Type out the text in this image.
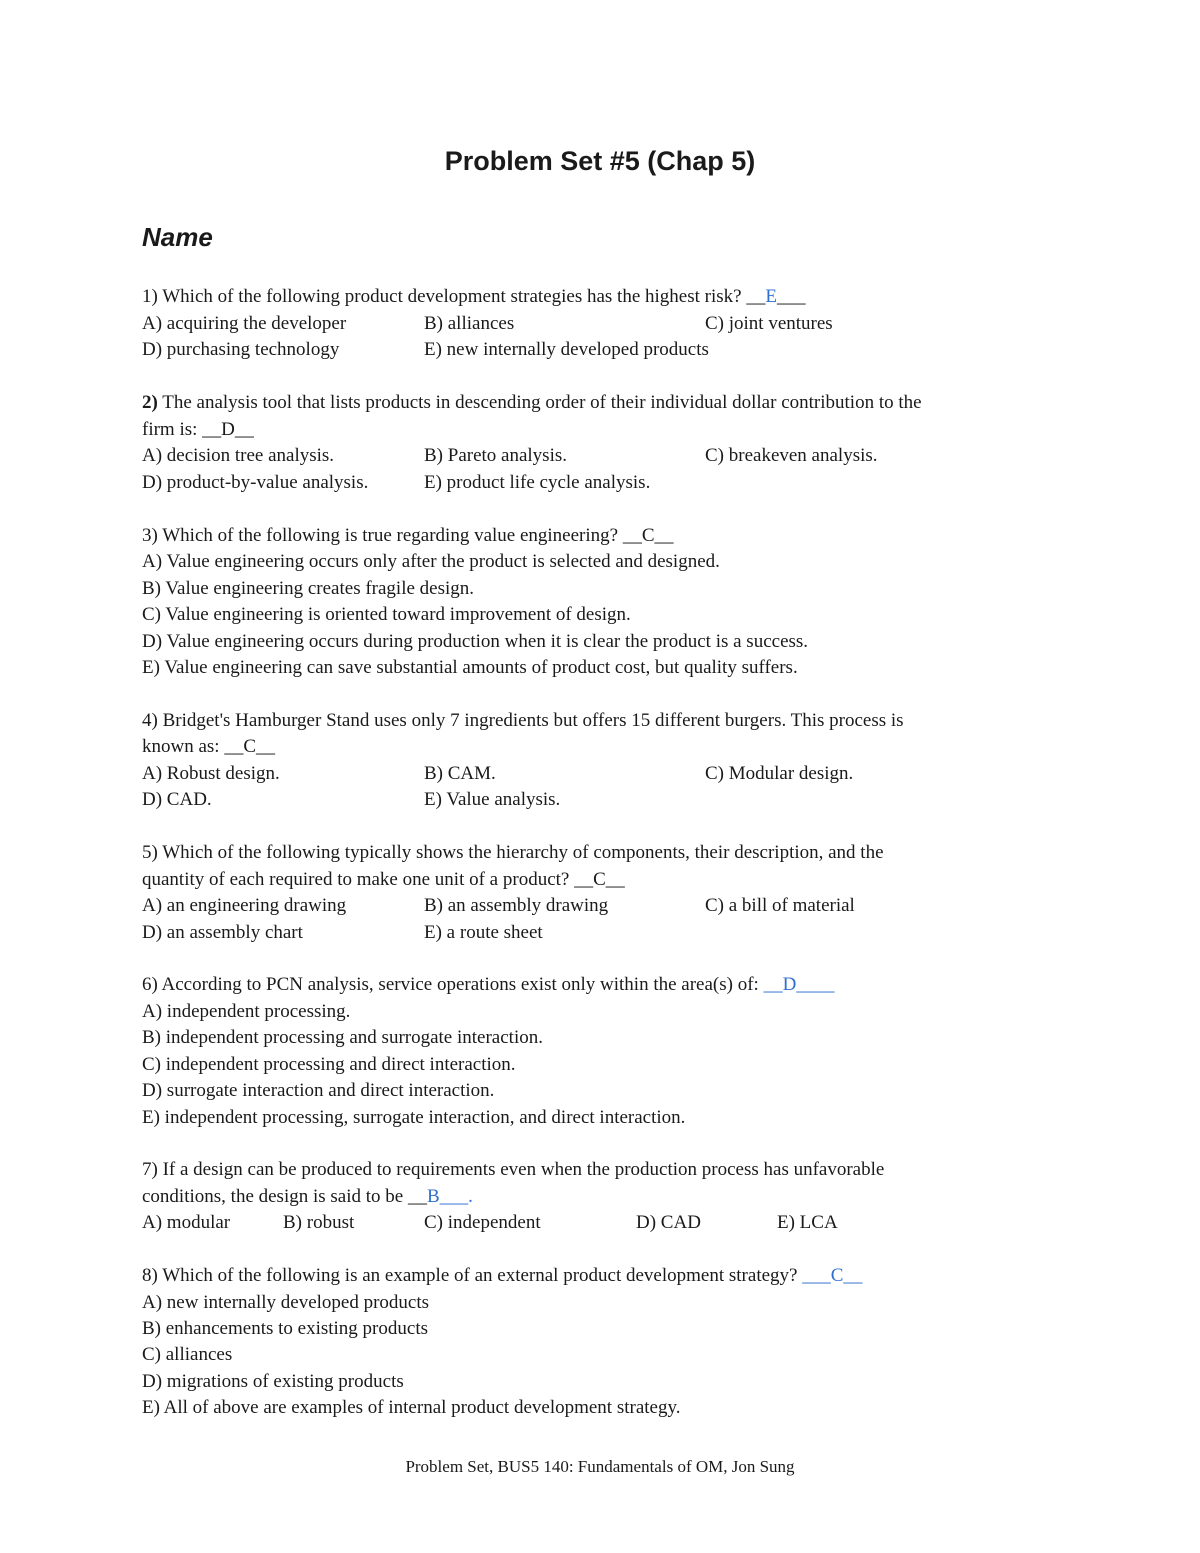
Problem Set #5 (Chap 5)
Name
1) Which of the following product development strategies has the highest risk? __E___
A) acquiring the developer	B) alliances	C) joint ventures
D) purchasing technology	E) new internally developed products
2) The analysis tool that lists products in descending order of their individual dollar contribution to the
firm is: __D__
A) decision tree analysis.	B) Pareto analysis.	C) breakeven analysis.
D) product-by-value analysis.	E) product life cycle analysis.
3) Which of the following is true regarding value engineering? __C__
A) Value engineering occurs only after the product is selected and designed.
B) Value engineering creates fragile design.
C) Value engineering is oriented toward improvement of design.
D) Value engineering occurs during production when it is clear the product is a success.
E) Value engineering can save substantial amounts of product cost, but quality suffers.
4) Bridget's Hamburger Stand uses only 7 ingredients but offers 15 different burgers. This process is
known as: __C__
A) Robust design.	B) CAM.	C) Modular design.
D) CAD.	E) Value analysis.
5) Which of the following typically shows the hierarchy of components, their description, and the
quantity of each required to make one unit of a product? __C__
A) an engineering drawing	B) an assembly drawing	C) a bill of material
D) an assembly chart	E) a route sheet
6) According to PCN analysis, service operations exist only within the area(s) of: __D____
A) independent processing.
B) independent processing and surrogate interaction.
C) independent processing and direct interaction.
D) surrogate interaction and direct interaction.
E) independent processing, surrogate interaction, and direct interaction.
7) If a design can be produced to requirements even when the production process has unfavorable
conditions, the design is said to be __B___.
A) modular	B) robust	C) independent	D) CAD	E) LCA
8) Which of the following is an example of an external product development strategy? ___C__
A) new internally developed products
B) enhancements to existing products
C) alliances
D) migrations of existing products
E) All of above are examples of internal product development strategy.
Problem Set, BUS5 140: Fundamentals of OM, Jon Sung
